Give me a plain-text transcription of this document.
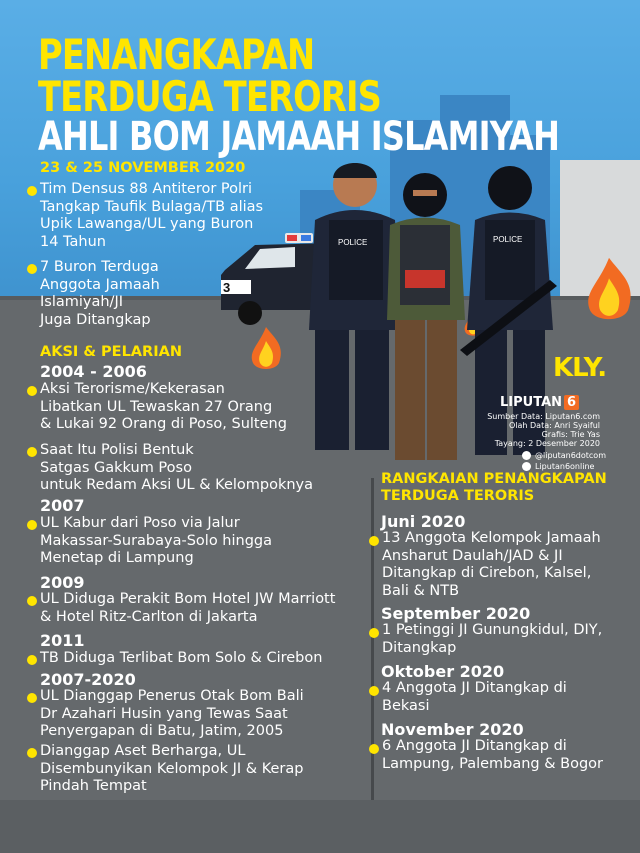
3
POLICE	POLICE
KLY.
LIPUTAN 6
Sumber Data: Liputan6.com
Olah Data: Anri Syaiful
Grafis: Trie Yas
Tayang: 2 Desember 2020
@liputan6dotcom
Liputan6online
PENANGKAPAN
TERDUGA TERORIS
AHLI BOM JAMAAH ISLAMIYAH
23 & 25 NOVEMBER 2020
Tim Densus 88 Antiteror Polri
Tangkap Taufik Bulaga/TB alias
Upik Lawanga/UL yang Buron
14 Tahun
7 Buron Terduga
Anggota Jamaah
Islamiyah/JI
Juga Ditangkap
AKSI & PELARIAN
2004 - 2006
Aksi Terorisme/Kekerasan
Libatkan UL Tewaskan 27 Orang
& Lukai 92 Orang di Poso, Sulteng
Saat Itu Polisi Bentuk
Satgas Gakkum Poso
untuk Redam Aksi UL & Kelompoknya
2007
UL Kabur dari Poso via Jalur
Makassar-Surabaya-Solo hingga
Menetap di Lampung
2009
UL Diduga Perakit Bom Hotel JW Marriott
& Hotel Ritz-Carlton di Jakarta
2011
TB Diduga Terlibat Bom Solo & Cirebon
2007-2020
UL Dianggap Penerus Otak Bom Bali
Dr Azahari Husin yang Tewas Saat
Penyergapan di Batu, Jatim, 2005
Dianggap Aset Berharga, UL
Disembunyikan Kelompok JI & Kerap
Pindah Tempat
RANGKAIAN PENANGKAPAN
TERDUGA TERORIS
Juni 2020
13 Anggota Kelompok Jamaah
Ansharut Daulah/JAD & JI
Ditangkap di Cirebon, Kalsel,
Bali & NTB
September 2020
1 Petinggi JI Gunungkidul, DIY,
Ditangkap
Oktober 2020
4 Anggota JI Ditangkap di
Bekasi
November 2020
6 Anggota JI Ditangkap di
Lampung, Palembang & Bogor
